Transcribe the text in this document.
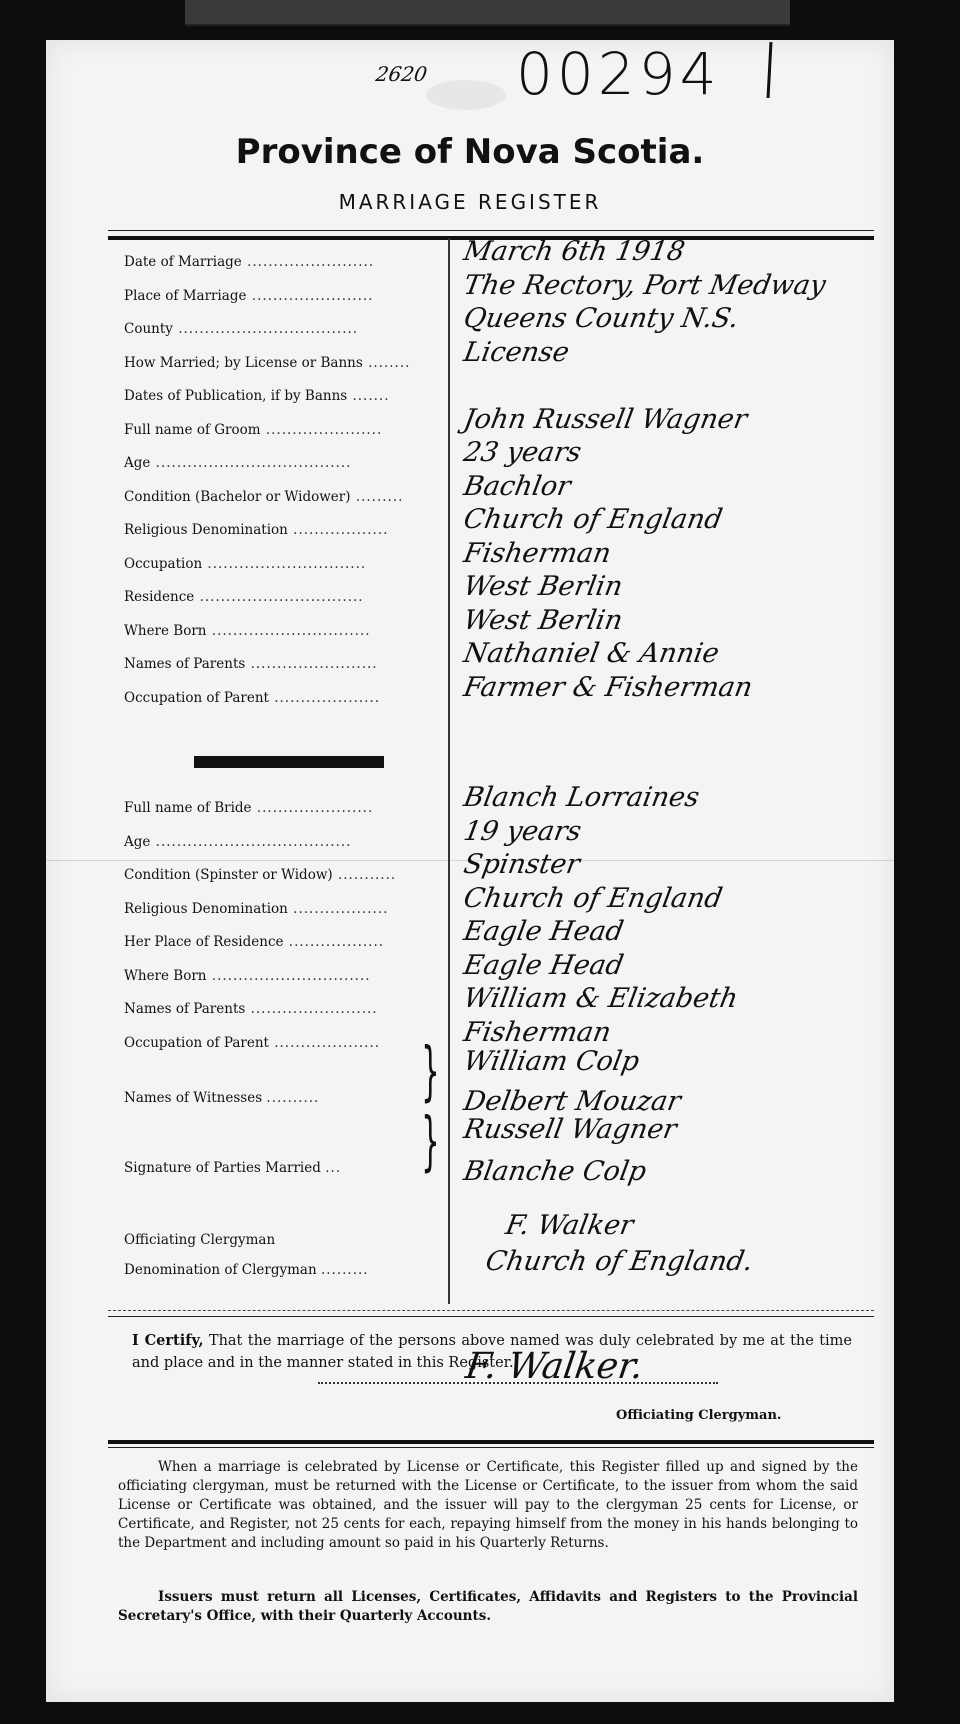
2620 00294
Province of Nova Scotia.
MARRIAGE REGISTER
Date of Marriage ........................	March 6th 1918
Place of Marriage .......................	The Rectory, Port Medway
County ..................................	Queens County N.S.
How Married; by License or Banns ........	License
Dates of Publication, if by Banns .......
Full name of Groom ......................	John Russell Wagner
Age .....................................	23 years
Condition (Bachelor or Widower) .........	Bachlor
Religious Denomination ..................	Church of England
Occupation ..............................	Fisherman
Residence ...............................	West Berlin
Where Born ..............................	West Berlin
Names of Parents ........................	Nathaniel & Annie
Occupation of Parent ....................	Farmer & Fisherman
Full name of Bride ......................	Blanch Lorraines
Age .....................................	19 years
Condition (Spinster or Widow) ...........	Spinster
Religious Denomination ..................	Church of England
Her Place of Residence ..................	Eagle Head
Where Born ..............................	Eagle Head
Names of Parents ........................	William & Elizabeth
Occupation of Parent ....................	Fisherman
Names of Witnesses ..........	} William Colp
Delbert Mouzar
Signature of Parties Married ...	} Russell Wagner
Blanche Colp
Officiating Clergyman	F. Walker
Denomination of Clergyman .........	Church of England.
I Certify, That the marriage of the persons above named was duly celebrated by me at the time and place and in the manner stated in this Register.
F. Walker.
Officiating Clergyman.
When a marriage is celebrated by License or Certificate, this Register filled up and signed by the officiating clergyman, must be returned with the License or Certificate, to the issuer from whom the said License or Certificate was obtained, and the issuer will pay to the clergyman 25 cents for License, or Certificate, and Register, not 25 cents for each, repaying himself from the money in his hands belonging to the Department and including amount so paid in his Quarterly Returns.
Issuers must return all Licenses, Certificates, Affidavits and Registers to the Provincial Secretary's Office, with their Quarterly Accounts.
